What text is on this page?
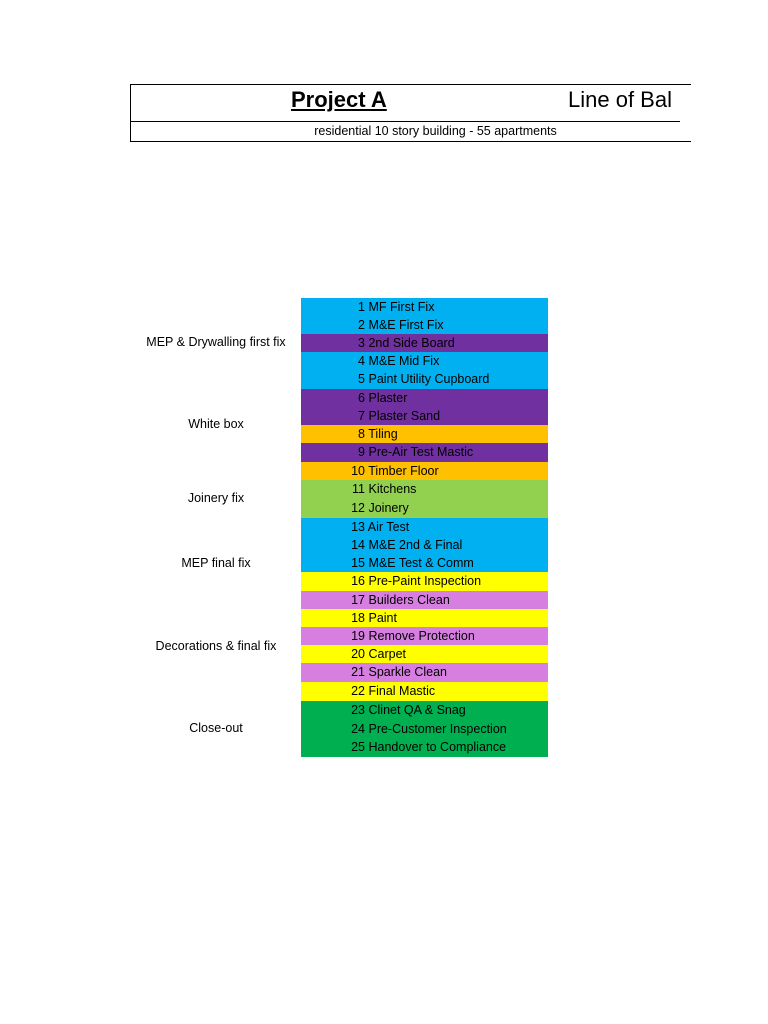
Project A	Line of Bal
residential 10 story building - 55 apartments
1 MF First Fix
2 M&E First Fix
3 2nd Side Board
4 M&E Mid Fix
5 Paint Utility Cupboard
6 Plaster
7 Plaster Sand
8 Tiling
9 Pre-Air Test Mastic
10 Timber Floor
11 Kitchens
12 Joinery
13 Air Test
14 M&E 2nd & Final
15 M&E Test & Comm
16 Pre-Paint Inspection
17 Builders Clean
18 Paint
19 Remove Protection
20 Carpet
21 Sparkle Clean
22 Final Mastic
23 Clinet QA & Snag
24 Pre-Customer Inspection
25 Handover to Compliance
MEP & Drywalling first fix
White box
Joinery fix
MEP final fix
Decorations & final fix
Close-out
